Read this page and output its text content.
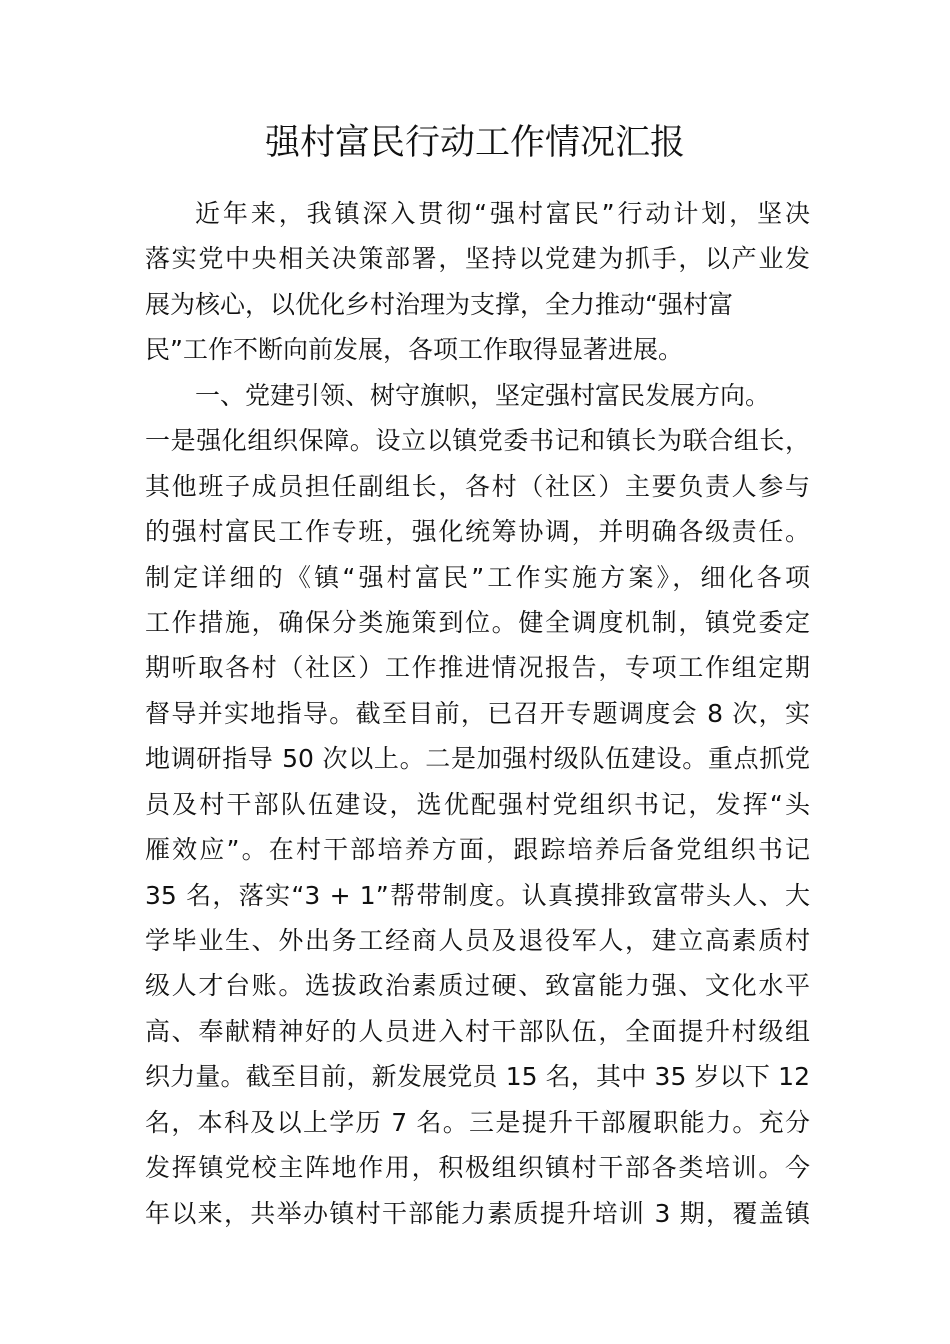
强村富民行动工作情况汇报
近年来，我镇深入贯彻“强村富民”行动计划，坚决
落实党中央相关决策部署，坚持以党建为抓手，以产业发
展为核心，以优化乡村治理为支撑，全力推动“强村富
民”工作不断向前发展，各项工作取得显著进展。
一、党建引领、树守旗帜，坚定强村富民发展方向。
一是强化组织保障。设立以镇党委书记和镇长为联合组长，
其他班子成员担任副组长，各村（社区）主要负责人参与
的强村富民工作专班，强化统筹协调，并明确各级责任。
制定详细的《镇“强村富民”工作实施方案》，细化各项
工作措施，确保分类施策到位。健全调度机制，镇党委定
期听取各村（社区）工作推进情况报告，专项工作组定期
督导并实地指导。截至目前，已召开专题调度会 8 次，实
地调研指导 50 次以上。二是加强村级队伍建设。重点抓党
员及村干部队伍建设，选优配强村党组织书记，发挥“头
雁效应”。在村干部培养方面，跟踪培养后备党组织书记
35 名，落实“3 + 1”帮带制度。认真摸排致富带头人、大
学毕业生、外出务工经商人员及退役军人，建立高素质村
级人才台账。选拔政治素质过硬、致富能力强、文化水平
高、奉献精神好的人员进入村干部队伍，全面提升村级组
织力量。截至目前，新发展党员 15 名，其中 35 岁以下 12
名，本科及以上学历 7 名。三是提升干部履职能力。充分
发挥镇党校主阵地作用，积极组织镇村干部各类培训。今
年以来，共举办镇村干部能力素质提升培训 3 期，覆盖镇
